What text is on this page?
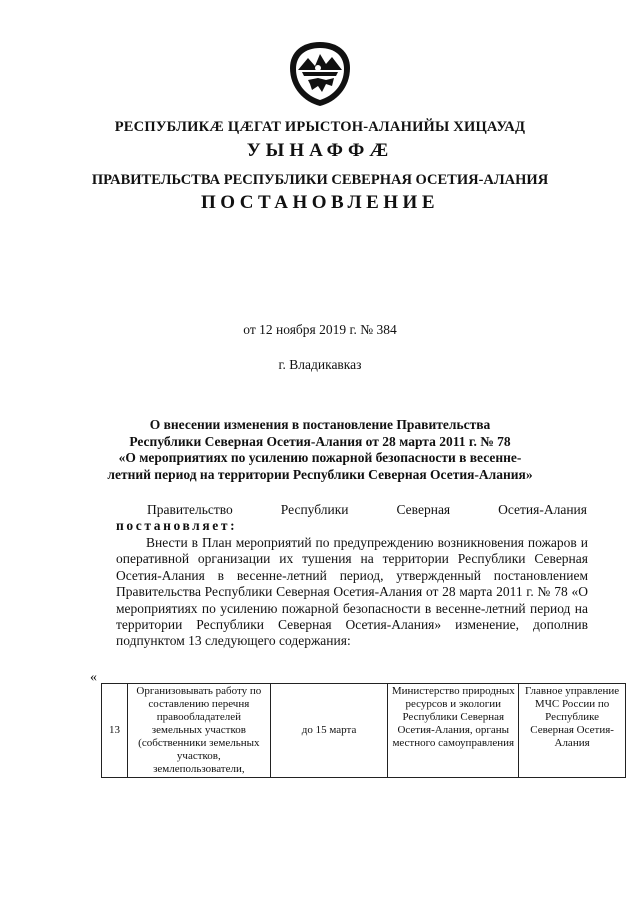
РЕСПУБЛИКӔ ЦӔГАТ ИРЫСТОН-АЛАНИЙЫ ХИЦАУАД
УЫНАФФӔ
ПРАВИТЕЛЬСТВА РЕСПУБЛИКИ СЕВЕРНАЯ ОСЕТИЯ-АЛАНИЯ
ПОСТАНОВЛЕНИЕ
от 12 ноября 2019 г. № 384
г. Владикавказ
О внесении изменения в постановление Правительства
Республики Северная Осетия-Алания от 28 марта 2011 г. № 78
«О мероприятиях по усилению пожарной безопасности в весенне-
летний период на территории Республики Северная Осетия-Алания»
Правительство	Республики	Северная	Осетия-Алания
постановляет:
Внести в План мероприятий по предупреждению возникновения пожаров и оперативной организации их тушения на территории Республики Северная Осетия-Алания в весенне-летний период, утвержденный постановлением Правительства Республики Северная Осетия-Алания от 28 марта 2011 г. № 78 «О мероприятиях по усилению пожарной безопасности в весенне-летний период на территории Республики Северная Осетия-Алания» изменение, дополнив подпунктом 13 следующего содержания:
«
13	Организовывать работу по составлению перечня правообладателей земельных участков (собственники земельных участков, землепользователи,	до 15 марта	Министерство природных ресурсов и экологии Республики Северная Осетия-Алания, органы местного самоуправления	Главное управление МЧС России по Республике Северная Осетия-Алания
